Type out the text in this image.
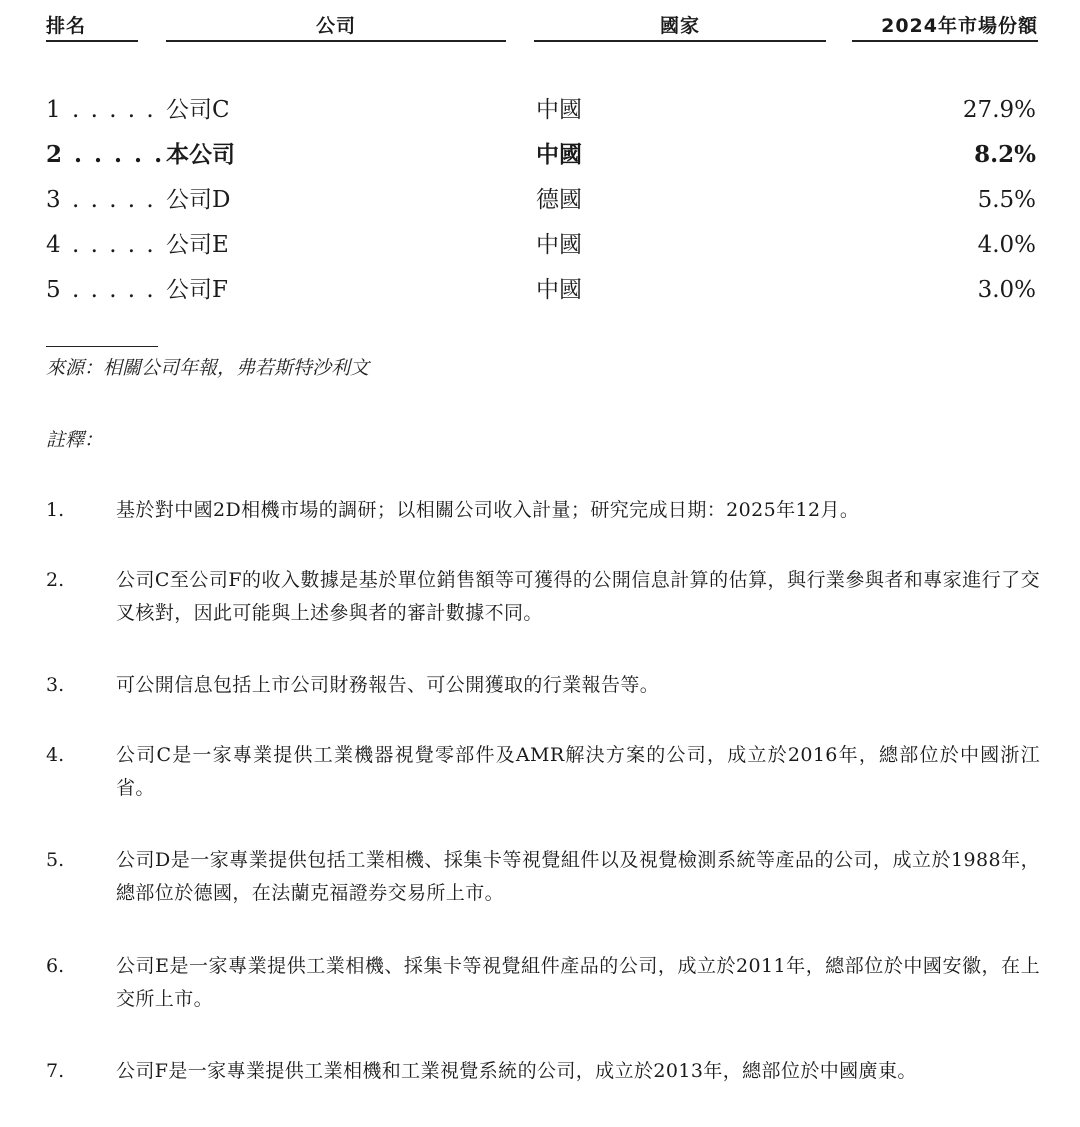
排名	公司	國家	2024年市場份額
1 . . . . . 公司C	中國	27.9%
2 . . . . . 本公司	中國	8.2%
3 . . . . . 公司D	德國	5.5%
4 . . . . . 公司E	中國	4.0%
5 . . . . . 公司F	中國	3.0%
來源：相關公司年報，弗若斯特沙利文
註釋：
1.	基於對中國2D相機市場的調研；以相關公司收入計量；研究完成日期：2025年12月。
2.	公司C至公司F的收入數據是基於單位銷售額等可獲得的公開信息計算的估算，與行業參與者和專家進行了交叉核對，因此可能與上述參與者的審計數據不同。
3.	可公開信息包括上市公司財務報告、可公開獲取的行業報告等。
4.	公司C是一家專業提供工業機器視覺零部件及AMR解決方案的公司，成立於2016年，總部位於中國浙江省。
5.	公司D是一家專業提供包括工業相機、採集卡等視覺組件以及視覺檢測系統等產品的公司，成立於1988年，總部位於德國，在法蘭克福證券交易所上市。
6.	公司E是一家專業提供工業相機、採集卡等視覺組件產品的公司，成立於2011年，總部位於中國安徽，在上交所上市。
7.	公司F是一家專業提供工業相機和工業視覺系統的公司，成立於2013年，總部位於中國廣東。
